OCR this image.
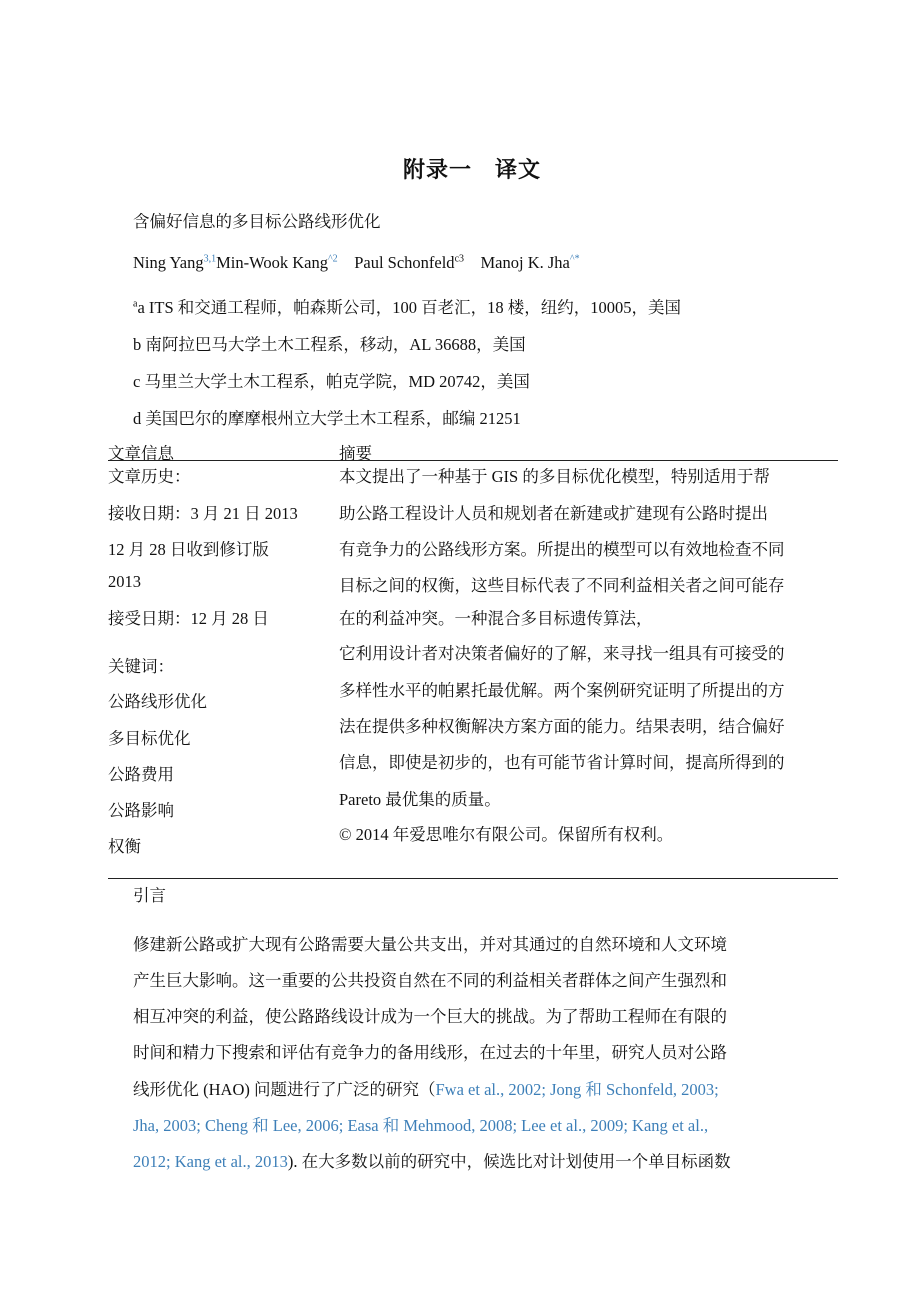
附录一　译文
含偏好信息的多目标公路线形优化
Ning Yang$^{3,1}$Min-Wook Kang$^{\^{}2}$ Paul Schonfeld$^{c3}$ Manoj K. Jha^*
$^a$a ITS 和交通工程师，帕森斯公司，100 百老汇，18 楼，纽约，10005，美国
b 南阿拉巴马大学土木工程系，移动，AL 36688，美国
c 马里兰大学土木工程系，帕克学院，MD 20742，美国
d 美国巴尔的摩摩根州立大学土木工程系，邮编 21251
文章信息	摘要
文章历史：
接收日期：3 月 21 日 2013
12 月 28 日收到修订版
2013
接受日期：12 月 28 日
关键词：
公路线形优化
多目标优化
公路费用
公路影响
权衡
本文提出了一种基于 GIS 的多目标优化模型，特别适用于帮
助公路工程设计人员和规划者在新建或扩建现有公路时提出
有竞争力的公路线形方案。所提出的模型可以有效地检查不同
目标之间的权衡，这些目标代表了不同利益相关者之间可能存
在的利益冲突。一种混合多目标遗传算法，
它利用设计者对决策者偏好的了解，来寻找一组具有可接受的
多样性水平的帕累托最优解。两个案例研究证明了所提出的方
法在提供多种权衡解决方案方面的能力。结果表明，结合偏好
信息，即使是初步的，也有可能节省计算时间，提高所得到的
Pareto 最优集的质量。
© 2014 年爱思唯尔有限公司。保留所有权利。
引言
修建新公路或扩大现有公路需要大量公共支出，并对其通过的自然环境和人文环境
产生巨大影响。这一重要的公共投资自然在不同的利益相关者群体之间产生强烈和
相互冲突的利益，使公路路线设计成为一个巨大的挑战。为了帮助工程师在有限的
时间和精力下搜索和评估有竞争力的备用线形，在过去的十年里，研究人员对公路
线形优化 (HAO) 问题进行了广泛的研究（Fwa et al., 2002; Jong 和 Schonfeld, 2003;
Jha, 2003; Cheng 和 Lee, 2006; Easa 和 Mehmood, 2008; Lee et al., 2009; Kang et al.,
2012; Kang et al., 2013). 在大多数以前的研究中，候选比对计划使用一个单目标函数
